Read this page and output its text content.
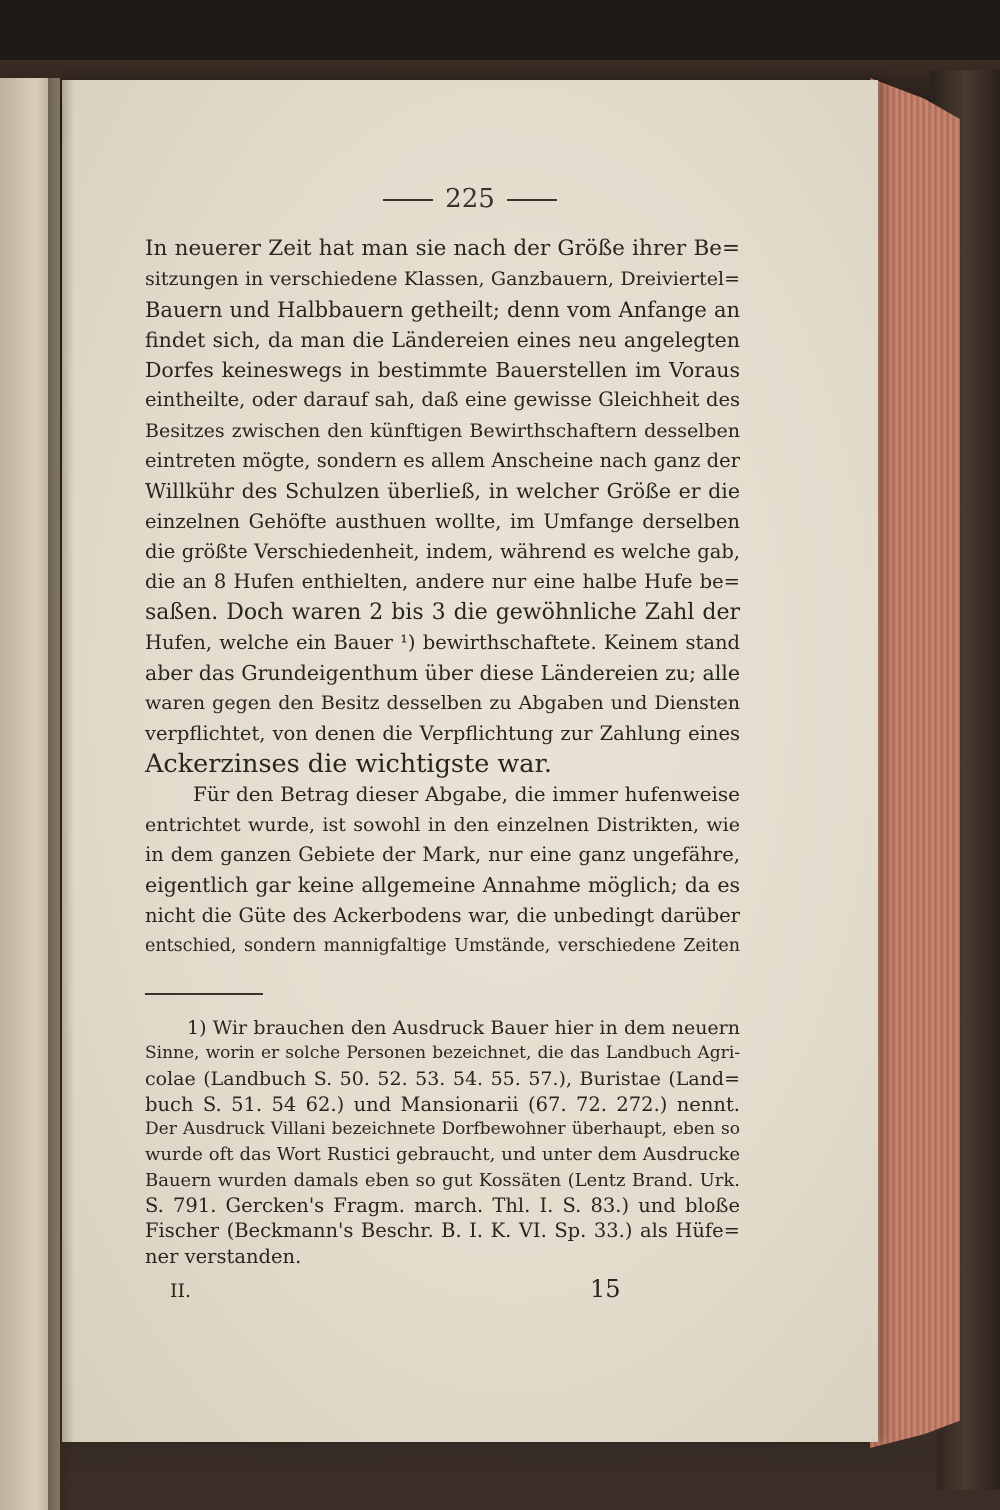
225
In neuerer Zeit hat man sie nach der Größe ihrer Be=
sitzungen in verschiedene Klassen, Ganzbauern, Dreiviertel=
Bauern und Halbbauern getheilt; denn vom Anfange an
findet sich, da man die Ländereien eines neu angelegten
Dorfes keineswegs in bestimmte Bauerstellen im Voraus
eintheilte, oder darauf sah, daß eine gewisse Gleichheit des
Besitzes zwischen den künftigen Bewirthschaftern desselben
eintreten mögte, sondern es allem Anscheine nach ganz der
Willkühr des Schulzen überließ, in welcher Größe er die
einzelnen Gehöfte austhuen wollte, im Umfange derselben
die größte Verschiedenheit, indem, während es welche gab,
die an 8 Hufen enthielten, andere nur eine halbe Hufe be=
saßen. Doch waren 2 bis 3 die gewöhnliche Zahl der
Hufen, welche ein Bauer ¹) bewirthschaftete. Keinem stand
aber das Grundeigenthum über diese Ländereien zu; alle
waren gegen den Besitz desselben zu Abgaben und Diensten
verpflichtet, von denen die Verpflichtung zur Zahlung eines
Ackerzinses die wichtigste war.
Für den Betrag dieser Abgabe, die immer hufenweise
entrichtet wurde, ist sowohl in den einzelnen Distrikten, wie
in dem ganzen Gebiete der Mark, nur eine ganz ungefähre,
eigentlich gar keine allgemeine Annahme möglich; da es
nicht die Güte des Ackerbodens war, die unbedingt darüber
entschied, sondern mannigfaltige Umstände, verschiedene Zeiten
1) Wir brauchen den Ausdruck Bauer hier in dem neuern
Sinne, worin er solche Personen bezeichnet, die das Landbuch Agri-
colae (Landbuch S. 50. 52. 53. 54. 55. 57.), Buristae (Land=
buch S. 51. 54 62.) und Mansionarii (67. 72. 272.) nennt.
Der Ausdruck Villani bezeichnete Dorfbewohner überhaupt, eben so
wurde oft das Wort Rustici gebraucht, und unter dem Ausdrucke
Bauern wurden damals eben so gut Kossäten (Lentz Brand. Urk.
S. 791. Gercken's Fragm. march. Thl. I. S. 83.) und bloße
Fischer (Beckmann's Beschr. B. I. K. VI. Sp. 33.) als Hüfe=
ner verstanden.
II.	15
